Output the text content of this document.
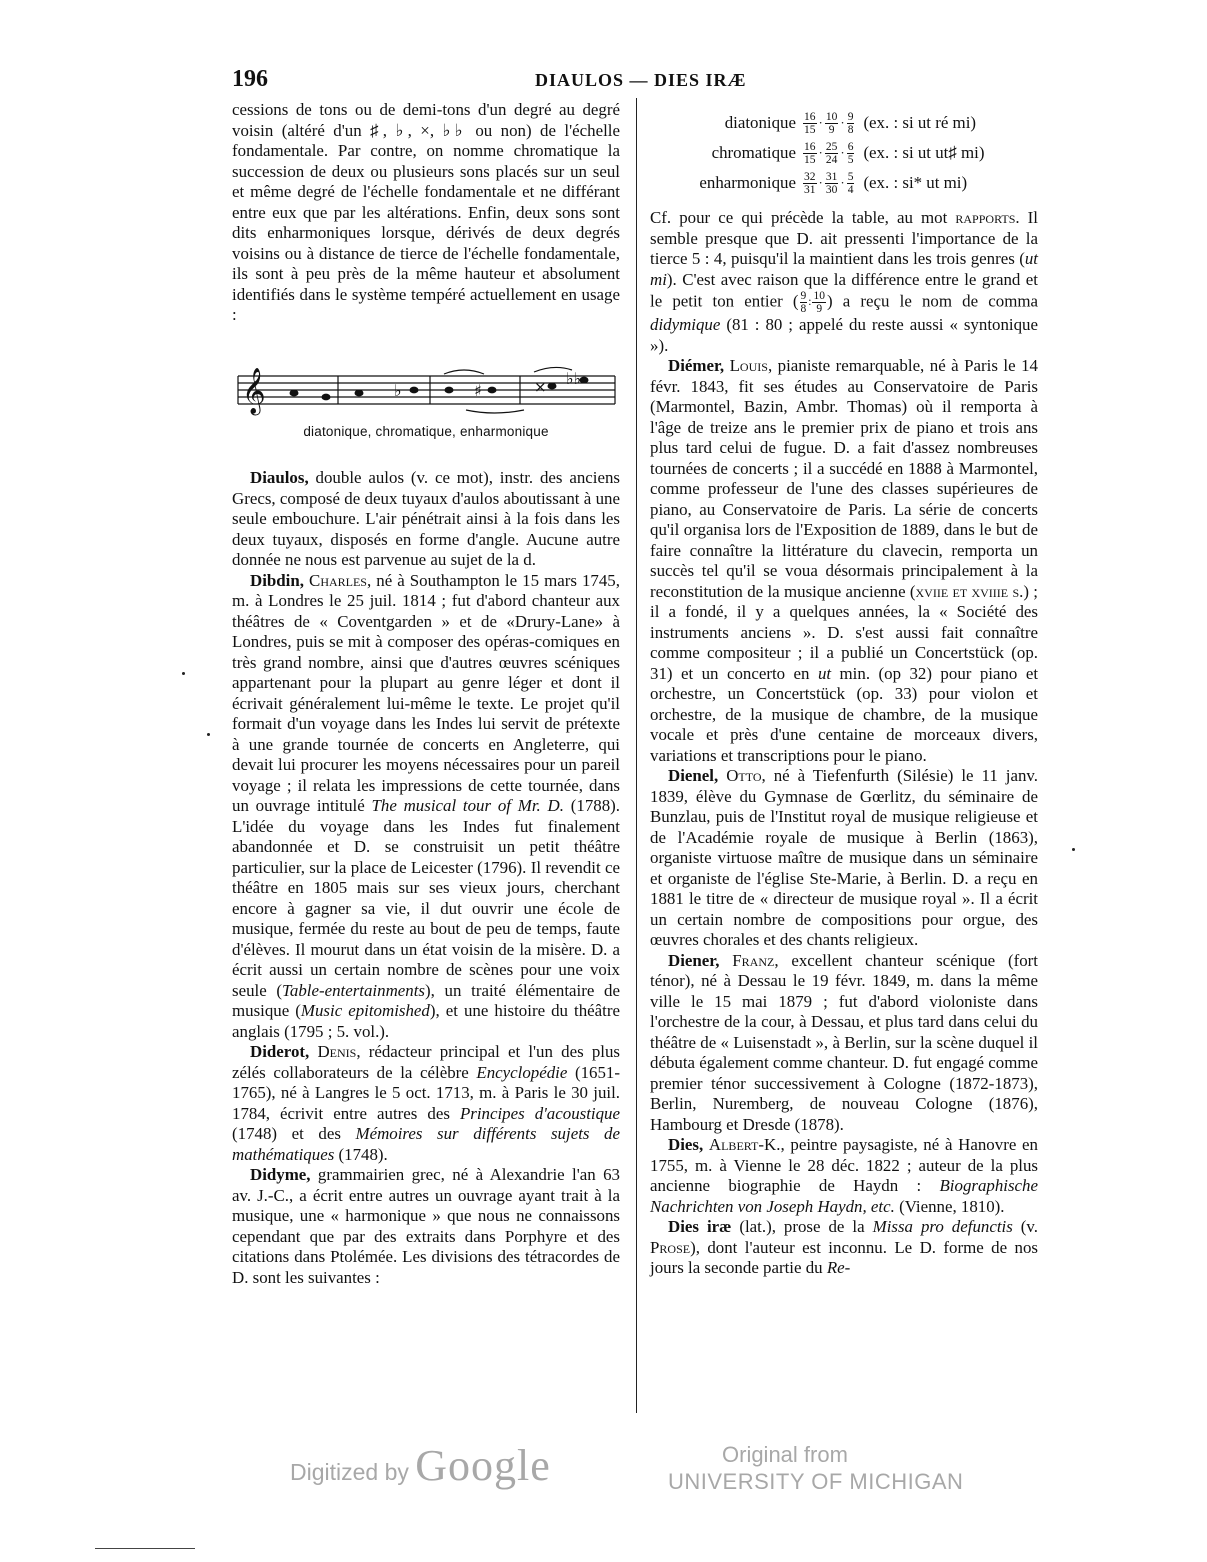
196	DIAULOS — DIES IRÆ

cessions de tons ou de demi-tons d'un degré au degré voisin (altéré d'un ♯, ♭, ×, ♭♭ ou non) de l'échelle fondamentale. Par contre, on nomme chromatique la succession de deux ou plusieurs sons placés sur un seul et même degré de l'échelle fondamentale et ne différant entre eux que par les altérations. Enfin, deux sons sont dits enharmoniques lorsque, dérivés de deux degrés voisins ou à distance de tierce de l'échelle fondamentale, ils sont à peu près de la même hauteur et absolument identifiés dans le système tempéré actuellement en usage :

𝄞	♭	♯	× ♭♭
diatonique, chromatique, enharmonique

Diaulos, double aulos (v. ce mot), instr. des anciens Grecs, composé de deux tuyaux d'aulos aboutissant à une seule embouchure. L'air pénétrait ainsi à la fois dans les deux tuyaux, disposés en forme d'angle. Aucune autre donnée ne nous est parvenue au sujet de la d.

Dibdin, Charles, né à Southampton le 15 mars 1745, m. à Londres le 25 juil. 1814 ; fut d'abord chanteur aux théâtres de « Coventgarden » et de «Drury-Lane» à Londres, puis se mit à composer des opéras-comiques en très grand nombre, ainsi que d'autres œuvres scéniques appartenant pour la plupart au genre léger et dont il écrivait généralement lui-même le texte. Le projet qu'il formait d'un voyage dans les Indes lui servit de prétexte à une grande tournée de concerts en Angleterre, qui devait lui procurer les moyens nécessaires pour un pareil voyage ; il relata les impressions de cette tournée, dans un ouvrage intitulé The musical tour of Mr. D. (1788). L'idée du voyage dans les Indes fut finalement abandonnée et D. se construisit un petit théâtre particulier, sur la place de Leicester (1796). Il revendit ce théâtre en 1805 mais sur ses vieux jours, cherchant encore à gagner sa vie, il dut ouvrir une école de musique, fermée du reste au bout de peu de temps, faute d'élèves. Il mourut dans un état voisin de la misère. D. a écrit aussi un certain nombre de scènes pour une voix seule (Table-entertainments), un traité élémentaire de musique (Music epitomished), et une histoire du théâtre anglais (1795 ; 5. vol.).

Diderot, Denis, rédacteur principal et l'un des plus zélés collaborateurs de la célèbre Encyclopédie (1651-1765), né à Langres le 5 oct. 1713, m. à Paris le 30 juil. 1784, écrivit entre autres des Principes d'acoustique (1748) et des Mémoires sur différents sujets de mathématiques (1748).

Didyme, grammairien grec, né à Alexandrie l'an 63 av. J.-C., a écrit entre autres un ouvrage ayant trait à la musique, une « harmonique » que nous ne connaissons cependant que par des extraits dans Porphyre et des citations dans Ptolémée. Les divisions des tétracordes de D. sont les suivantes :

diatonique $\frac{16}{15} \cdot \frac{10}{9} \cdot \frac{9}{8} (ex$. : si ut ré mi)
chromatique $\frac{16}{15} \cdot \frac{25}{24} \cdot \frac{6}{5} (ex$. : si ut ut♯ mi)
enharmonique $\frac{32}{31} \cdot \frac{31}{30} \cdot \frac{5}{4} (ex$. : si* ut mi)

Cf. pour ce qui précède la table, au mot rapports. Il semble presque que D. ait pressenti l'importance de la tierce 5 : 4, puisqu'il la maintient dans les trois genres (ut mi). C'est avec raison que la différence entre le grand et le petit ton entier ( $\frac{9}{8}$ : $\frac{10}{9}$ ) a reçu le nom de comma didymique (81 : 80 ; appelé du reste aussi « syntonique »).

Diémer, Louis, pianiste remarquable, né à Paris le 14 févr. 1843, fit ses études au Conservatoire de Paris (Marmontel, Bazin, Ambr. Thomas) où il remporta à l'âge de treize ans le premier prix de piano et trois ans plus tard celui de fugue. D. a fait d'assez nombreuses tournées de concerts ; il a succédé en 1888 à Marmontel, comme professeur de l'une des classes supérieures de piano, au Conservatoire de Paris. La série de concerts qu'il organisa lors de l'Exposition de 1889, dans le but de faire connaître la littérature du clavecin, remporta un succès tel qu'il se voua désormais principalement à la reconstitution de la musique ancienne (xviie et xviiie s.) ; il a fondé, il y a quelques années, la « Société des instruments anciens ». D. s'est aussi fait connaître comme compositeur ; il a publié un Concertstück (op. 31) et un concerto en ut min. (op 32) pour piano et orchestre, un Concertstück (op. 33) pour violon et orchestre, de la musique de chambre, de la musique vocale et près d'une centaine de morceaux divers, variations et transcriptions pour le piano.

Dienel, Otto, né à Tiefenfurth (Silésie) le 11 janv. 1839, élève du Gymnase de Gœrlitz, du séminaire de Bunzlau, puis de l'Institut royal de musique religieuse et de l'Académie royale de musique à Berlin (1863), organiste virtuose maître de musique dans un séminaire et organiste de l'église Ste-Marie, à Berlin. D. a reçu en 1881 le titre de « directeur de musique royal ». Il a écrit un certain nombre de compositions pour orgue, des œuvres chorales et des chants religieux.

Diener, Franz, excellent chanteur scénique (fort ténor), né à Dessau le 19 févr. 1849, m. dans la même ville le 15 mai 1879 ; fut d'abord violoniste dans l'orchestre de la cour, à Dessau, et plus tard dans celui du théâtre de « Luisenstadt », à Berlin, sur la scène duquel il débuta également comme chanteur. D. fut engagé comme premier ténor successivement à Cologne (1872-1873), Berlin, Nuremberg, de nouveau Cologne (1876), Hambourg et Dresde (1878).

Dies, Albert-K., peintre paysagiste, né à Hanovre en 1755, m. à Vienne le 28 déc. 1822 ; auteur de la plus ancienne biographie de Haydn : Biographische Nachrichten von Joseph Haydn, etc. (Vienne, 1810).

Dies iræ (lat.), prose de la Missa pro defunctis (v. Prose), dont l'auteur est inconnu. Le D. forme de nos jours la seconde partie du Re-

Digitized by Google	Original from
UNIVERSITY OF MICHIGAN
